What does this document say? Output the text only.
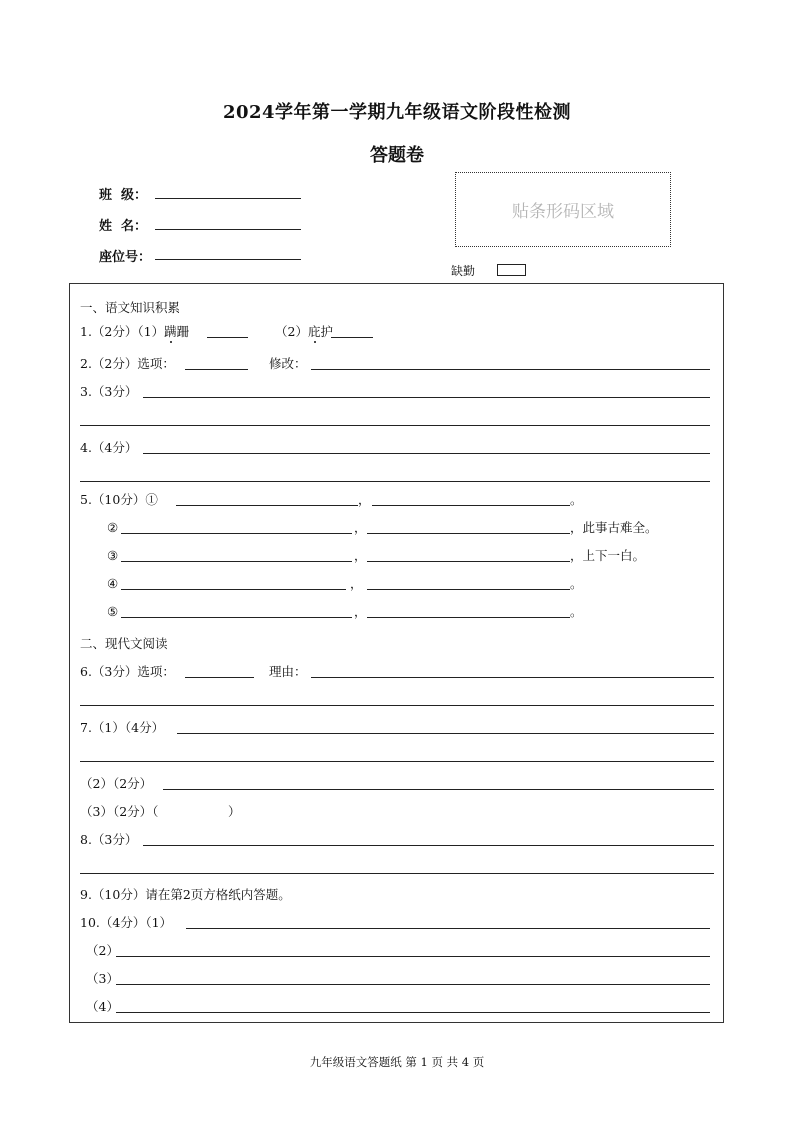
2024学年第一学期九年级语文阶段性检测
答题卷
班  级：
姓  名：
座位号：
贴条形码区域
缺勤
一、语文知识积累
1.（2分）（1）蹒跚	（2）庇护
2.（2分）选项：	修改：
3.（3分）
4.（4分）
5.（10分）①	，	。
②	，	，此事古难全。
③	，	，上下一白。
④	，	。
⑤	，	。
二、现代文阅读
6.（3分）选项：	理由：
7.（1）（4分）
（2）（2分）
（3）（2分）（	）
8.（3分）
9.（10分）请在第2页方格纸内答题。
10.（4分）（1）
（2）
（3）
（4）
九年级语文答题纸 第 1 页 共 4 页
